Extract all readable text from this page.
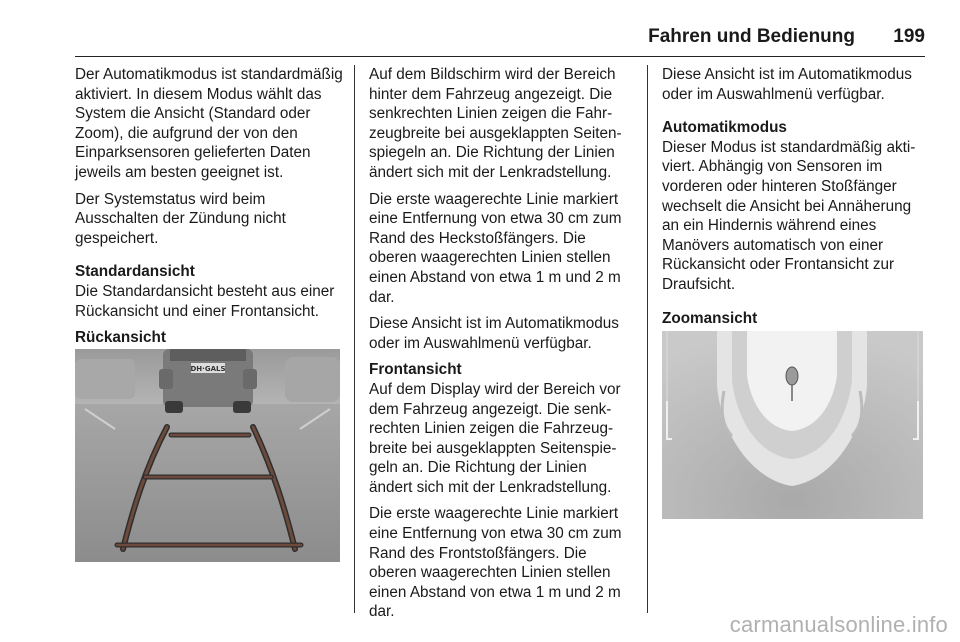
Fahren und Bedienung 199

Der Automatikmodus ist standardmäßig aktiviert. In diesem Modus wählt das System die Ansicht (Standard oder Zoom), die aufgrund der von den Einparksensoren gelieferten Daten jeweils am besten geeignet ist.

Der Systemstatus wird beim Ausschalten der Zündung nicht gespeichert.

Standardansicht

Die Standardansicht besteht aus einer Rückansicht und einer Frontansicht.

Rückansicht

Auf dem Bildschirm wird der Bereich hinter dem Fahrzeug angezeigt. Die senkrechten Linien zeigen die Fahrzeugbreite bei ausgeklappten Seitenspiegeln an. Die Richtung der Linien ändert sich mit der Lenkradstellung.

Die erste waagerechte Linie markiert eine Entfernung von etwa 30 cm zum Rand des Heckstoßfängers. Die oberen waagerechten Linien stellen einen Abstand von etwa 1 m und 2 m dar.

Diese Ansicht ist im Automatikmodus oder im Auswahlmenü verfügbar.

Frontansicht

Auf dem Display wird der Bereich vor dem Fahrzeug angezeigt. Die senkrechten Linien zeigen die Fahrzeugbreite bei ausgeklappten Seitenspiegeln an. Die Richtung der Linien ändert sich mit der Lenkradstellung.

Die erste waagerechte Linie markiert eine Entfernung von etwa 30 cm zum Rand des Frontstoßfängers. Die oberen waagerechten Linien stellen einen Abstand von etwa 1 m und 2 m dar.

Diese Ansicht ist im Automatikmodus oder im Auswahlmenü verfügbar.

Automatikmodus

Dieser Modus ist standardmäßig aktiviert. Abhängig von Sensoren im vorderen oder hinteren Stoßfänger wechselt die Ansicht bei Annäherung an ein Hindernis während eines Manövers automatisch von einer Rückansicht oder Frontansicht zur Draufsicht.

Zoomansicht

DH·GALS
carmanualsonline.info
